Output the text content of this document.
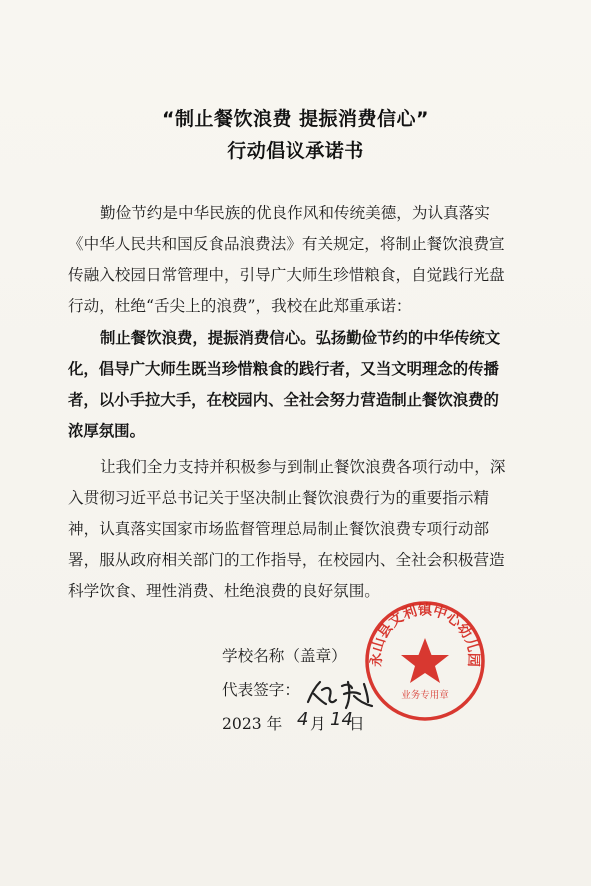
“制止餐饮浪费 提振消费信心”
行动倡议承诺书
勤俭节约是中华民族的优良作风和传统美德，为认真落实
《中华人民共和国反食品浪费法》有关规定，将制止餐饮浪费宣
传融入校园日常管理中，引导广大师生珍惜粮食，自觉践行光盘
行动，杜绝“舌尖上的浪费”，我校在此郑重承诺：
制止餐饮浪费，提振消费信心。弘扬勤俭节约的中华传统文
化，倡导广大师生既当珍惜粮食的践行者，又当文明理念的传播
者，以小手拉大手，在校园内、全社会努力营造制止餐饮浪费的
浓厚氛围。
让我们全力支持并积极参与到制止餐饮浪费各项行动中，深
入贯彻习近平总书记关于坚决制止餐饮浪费行为的重要指示精
神，认真落实国家市场监督管理总局制止餐饮浪费专项行动部
署，服从政府相关部门的工作指导，在校园内、全社会积极营造
科学饮食、理性消费、杜绝浪费的良好氛围。
学校名称（盖章）
代表签字：
2023 年 4 月 14
日
永山县文利镇中心幼儿园
业务专用章
